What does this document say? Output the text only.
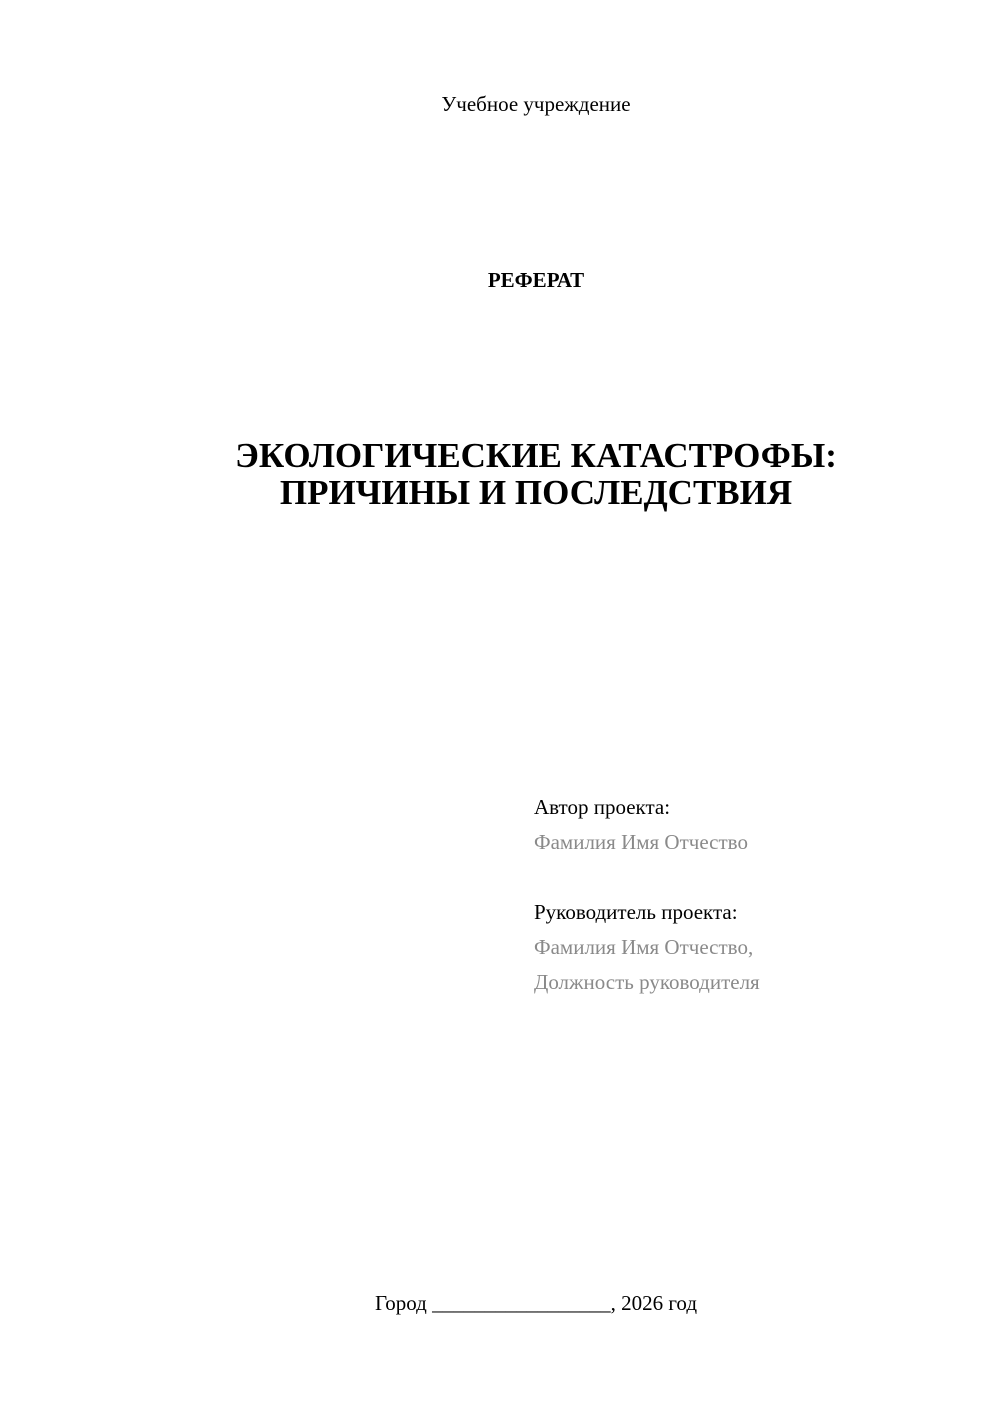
Учебное учреждение
РЕФЕРАТ
ЭКОЛОГИЧЕСКИЕ КАТАСТРОФЫ:
ПРИЧИНЫ И ПОСЛЕДСТВИЯ
Автор проекта:
Фамилия Имя Отчество
Руководитель проекта:
Фамилия Имя Отчество,
Должность руководителя
Город _________________, 2026 год
